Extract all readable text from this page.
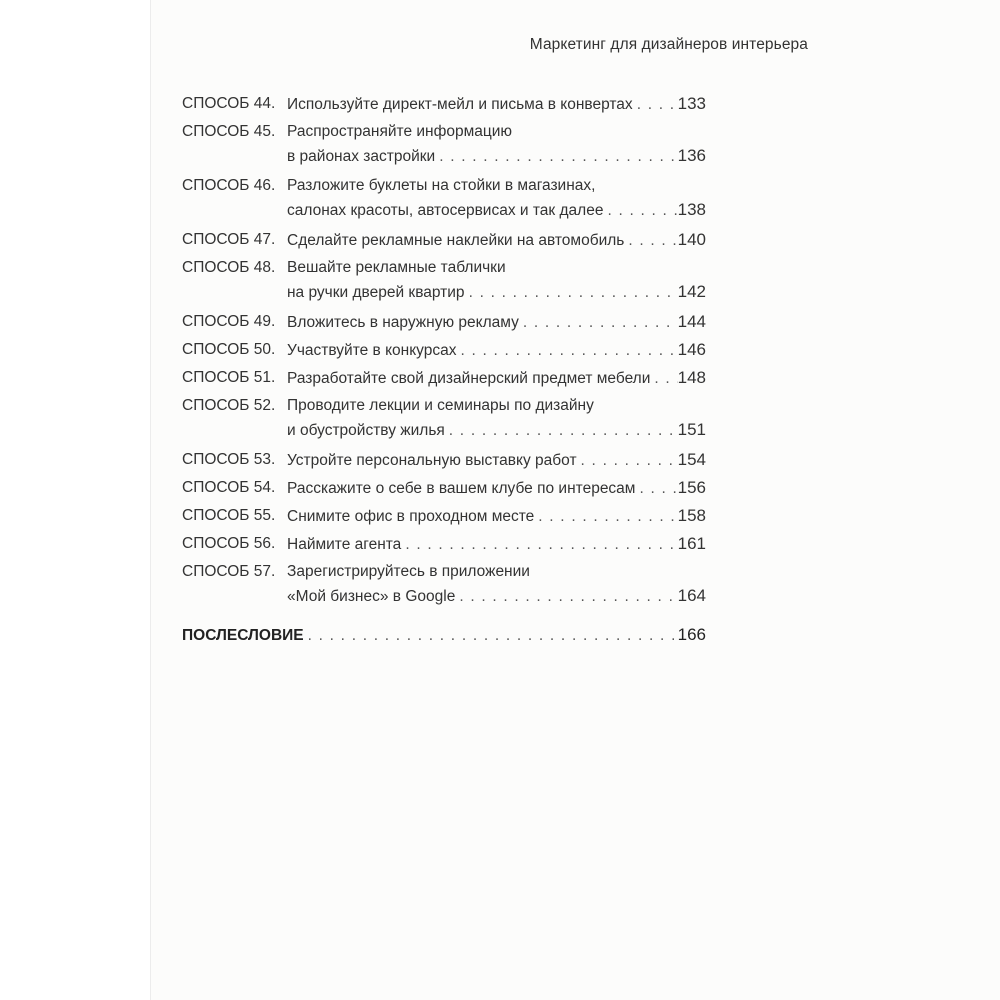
Маркетинг для дизайнеров интерьера
СПОСОБ 44. Используйте директ-мейл и письма в конвертах . . .	133
СПОСОБ 45. Распространяйте информацию
в районах застройки . . .	136
СПОСОБ 46. Разложите буклеты на стойки в магазинах,
салонах красоты, автосервисах и так далее . . .	138
СПОСОБ 47. Сделайте рекламные наклейки на автомобиль . . .	140
СПОСОБ 48. Вешайте рекламные таблички
на ручки дверей квартир . . .	142
СПОСОБ 49. Вложитесь в наружную рекламу . . .	144
СПОСОБ 50. Участвуйте в конкурсах . . .	146
СПОСОБ 51. Разработайте свой дизайнерский предмет мебели . . . 148
СПОСОБ 52. Проводите лекции и семинары по дизайну
и обустройству жилья . . .	151
СПОСОБ 53. Устройте персональную выставку работ . . .	154
СПОСОБ 54. Расскажите о себе в вашем клубе по интересам . . . 156
СПОСОБ 55. Снимите офис в проходном месте . . .	158
СПОСОБ 56. Наймите агента . . .	161
СПОСОБ 57. Зарегистрируйтесь в приложении
«Мой бизнес» в Google . . .	164
ПОСЛЕСЛОВИЕ . . .	166
